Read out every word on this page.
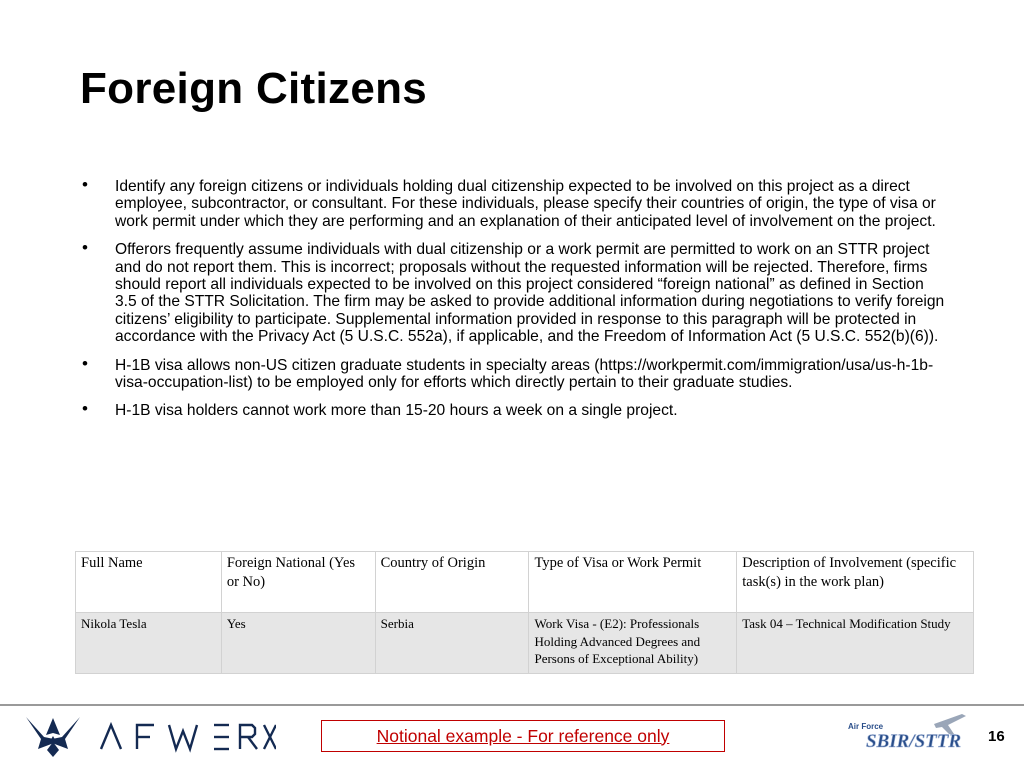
Foreign Citizens
• Identify any foreign citizens or individuals holding dual citizenship expected to be involved on this project as a direct employee, subcontractor, or consultant. For these individuals, please specify their countries of origin, the type of visa or work permit under which they are performing and an explanation of their anticipated level of involvement on the project.
• Offerors frequently assume individuals with dual citizenship or a work permit are permitted to work on an STTR project and do not report them. This is incorrect; proposals without the requested information will be rejected. Therefore, firms should report all individuals expected to be involved on this project considered “foreign national” as defined in Section 3.5 of the STTR Solicitation. The firm may be asked to provide additional information during negotiations to verify foreign citizens’ eligibility to participate. Supplemental information provided in response to this paragraph will be protected in accordance with the Privacy Act (5 U.S.C. 552a), if applicable, and the Freedom of Information Act (5 U.S.C. 552(b)(6)).
• H-1B visa allows non-US citizen graduate students in specialty areas (https://workpermit.com/immigration/usa/us-h-1b-visa-occupation-list) to be employed only for efforts which directly pertain to their graduate studies.
• H-1B visa holders cannot work more than 15-20 hours a week on a single project.
Full Name	Foreign National (Yes or No)	Country of Origin	Type of Visa or Work Permit	Description of Involvement (specific task(s) in the work plan)
Nikola Tesla	Yes	Serbia	Work Visa - (E2): Professionals Holding Advanced Degrees and Persons of Exceptional Ability)	Task 04 – Technical Modification Study
Notional example - For reference only	Air Force
SBIR/STTR 16
